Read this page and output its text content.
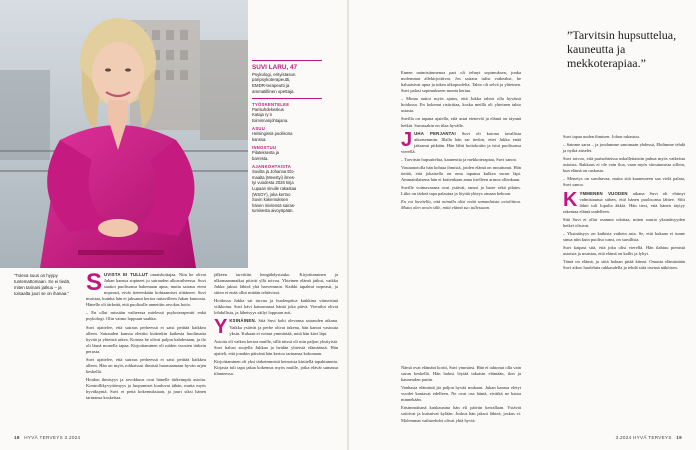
SUVI LARU, 47
Psykologi, erityistason
paripsykoterapeutti,
EMDR-terapeutti ja
ammatillinen opettaja.
TYÖSKENTELEE
Parisuhdekeskus
Kataja ry:n
toiminnanjohtajana.
ASUU
Helsingissä puolisona
kanssa.
INNOSTUU
Pilateksesta ja
barresta.
AJANKOHTAISTA
Suvilta ja Johanna Elo-
maalta (Meestyi) ilmes-
tyi vuodesta 2026 kirja
Lupaan sinulle rakastaa
(WSOY), joka kertoo
Suvin kokemuksien
hänen mielensä sairas-
tumisesta aivoyöpään.
”Tuleva suus on hyypy tuntemattomaan. Se ei tiedä, miten tarinani jatkuu – ja toisaalta juuri se on ihanaa.” SUVISTA EI TULLUT omaishoitajaa. Niin he olivat Jukan kanssa sopineet jo sairauden alkuvaiheessa. Suvi saattoi puolisonsa hakemaan apua, mutta sairaus eteni nopeasti, eivät tieteenkään kohtaamiset riittäneet. Suvi muistaa, kuinka hän ei jaksanut kertoa tuttavilleen Jukan kuntosta. Hänelle oli tärkeää, että puolisolle annettiin arvokas hoito.

– En ollut missään vaiheessa mielessä psykoterapeutti enkä psykologi. Olin vaimo loppuun saakka.

Suvi ajattelee, että sairaus perheessä ei saisi peittää kaikkea alleen. Sairauden kanssa elettiin kuitenkin kaikesta huolimatta hyvää ja yhteistä arkea. Kotona he olivat paljon kahdestaan, ja ilo oli läsnä monella tapaa. Kirjoittaminen oli niiden vuosien tärkein perusta.

Suvi ajattelee, että sairaus perheessä ei saisi peittää kaikkea alleen. Hän on myös rohkaissut ihmisiä huomaamaan hyvän arjen keskellä.

Hoidon ihmisyys ja arvokkuus ovat hänelle tärkeimpiä asioita. Kontrollikyvyttömyys ja luopumiset kuuluvat tähän, mutta myös hyväksyntä. Suvi ei peitä kokemuksiaan, ja juuri siksi hänen tarinansa koskettaa.

jälkeen tarvittiin hengähdystauko. Kirjoittaminen ja ulkomaanmatkat pitivät yllä toivoa. Yhteinen elämä jatkui, vaikka Jukka jaksoi lähteä yhä harvemmin. Kaikki tapahtui nopeasti, ja sitten ei enää ollut mitään tehtävissä.

Hoidossa Jukka sai turvaa ja huolenpitoa kaikkina viimeisinä viikkoina. Suvi kävi katsomassa häntä joka päivä. Vierailut olivat lohdullisia, ja läheisyys säilyi loppuun asti.

YKSINÄINEN. Sitä Suvi koki olevansa sairauden aikana. Vaikka ystävät ja perhe olivat tukena, hän kantoi vastuuta yksin. Kukaan ei voinut ymmärtää, mitä hän kävi läpi.

Asioita oli vaikea kertoa muille, sillä niissä oli niin paljon yksityistä. Suvi halusi suojella Jukkaa ja heidän yhteistä elämäänsä. Hän ajatteli, että jonakin päivänä hän kertoo tarinansa kokonaan.

Kirjoittaminen oli yksi tärkeimmistä keinoista käsitellä tapahtunutta. Kirjasta tuli tapa jakaa kokemus myös muille, jotka elävät samassa tilanteessa.

18 HYVÄ TERVEYS 3.2024

Ennen naimisiinmenoa pari oli tehnyt sopimuksen, jonka molemmat allekirjoittivat. Jos sairaus tulisi vaikeaksi, he haluaisivat apua ja tukea ulkopuolelta. Tahto oli selvä ja yhteinen. Suvi palasi sopimukseen monta kertaa.

– Minua auttoi myös ajatus, että Jukka tahtoi olla hyvässä hoidossa. En kokenut ristiriitaa, koska meillä oli yhteinen tahto asiasta.

Suvilla on tapana ajatella, että asiat etenevät ja elämä on täynnä hetkiä. Surussakin on tilaa hyvälle.

JUHA PERJANTAI Suvi oli kotona tavallista aikaisemmin. Illalla hän sai tiedon, ettei Jukka enää jaksanut pitkään. Hän lähti hoitokotiin ja istui puolisonsa vierellä.

– Tarvitsin hupsuttelua, kauneutta ja mekkoterapiaa, Suvi sanoo.

Vastaanotolla hän kohtaa ihmisiä, joiden elämä on muuttunut. Hän tietää, että jokaisella on oma tapansa kulkea surun läpi. Ammattilaisena hän ei kuitenkaan anna itselleen armoa ollenkaan.

Suville voimavarana ovat ystävät, tanssi ja barre sekä pilates. Liike on tärkeä tapa palautua ja löytää yhteys omaan kehoon.

En voi kuvitella, että minulla olisi enää samanlaista avioliittoa. Mutta olen avoin sille, mitä elämä tuo tullessaan.

Nämä ovat elämäni kortit, Suvi ymmärsi. Hän ei tahtonut olla vain surun keskellä. Hän halusi löytää takaisin elämään, ilon ja kauneuden pariin.

Vanhasta elämästä jäi paljon hyvää mukaan. Jukan kanssa eletyt vuodet kantavat edelleen. Ne ovat osa häntä, eivätkä ne katoa minnekään.

Ensimmäisinä kuukausina hän eli päivän kerrallaan. Ystävät soittivat ja kutsuivat kylään. Joskus hän jaksoi lähteä, joskus ei. Molemmat vaihtoehdot olivat yhtä hyviä.

Suvi tapaa uuden ihmisen. Johon rakastuu.

– Sainme sarra – ja joudumme sanomaan yhdessä, Ehdimme tehdä ja nytkä aitselei.

Suvi toivoo, että parisuhteissa uskallettaisiin puhua myös vaikeista asioista. Rakkaus ei ole vain iloa, vaan myös sitoutumista silloin, kun elämä on raskasta.

– Menetys on suruhuvaa, mutta sitä kauneuteen saa vielä palata, Suvi sanoo.

KYMMENEN VUODEN aikana Suvi oli ehtinyt valmistautua siihen, että hänen puolisonsa lähtee. Silti lähtö tuli lopulta äkkiä. Hän tiesi, että hänen täytyy rakentaa elämä uudelleen.

Sitä Suvi ei ollut osannut odottaa, miten suuria yksinäisyyden hetket olisivat.

– Yksinäisyys on kaikista vaikein asia. Se, että kukaan ei tunne sinua niin kuin puoliso tunsi, on surullista.

Suvi kaipasi sitä, että joku olisi vierellä. Hän ilahtuu pienistä asioista ja muistaa, että elämä on kallis ja lyhyt.

Tämä on elämä, ja siitä haluan pitää kiinni. Omasta elämästään Suvi aikoo huolehtia rakkaudella ja tehdä siitä itsensä näköisen.

3.2024 HYVÄ TERVEYS 19
”Tarvitsin hupsuttelua, kauneutta ja mekkoterapiaa.”
